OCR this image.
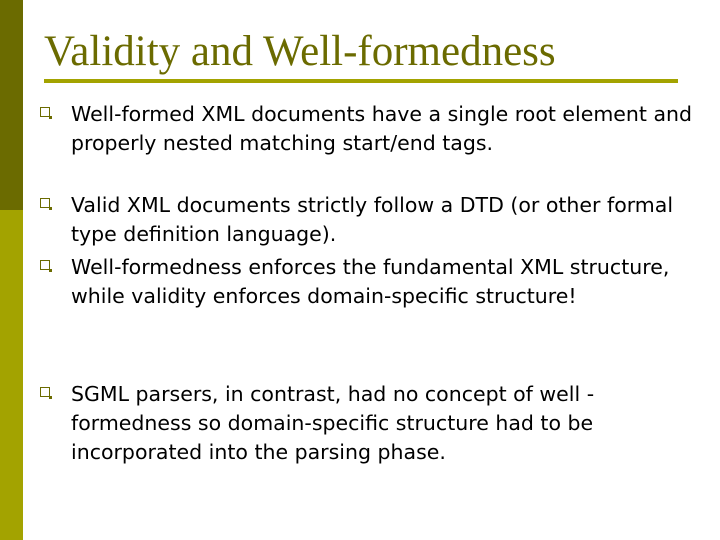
Validity and Well-formedness
Well-formed XML documents have a single root element and properly nested matching start/end tags.
Valid XML documents strictly follow a DTD (or other formal type definition language).
Well-formedness enforces the fundamental XML structure, while validity enforces domain-specific structure!
SGML parsers, in contrast, had no concept of well -formedness so domain-specific structure had to be incorporated into the parsing phase.
